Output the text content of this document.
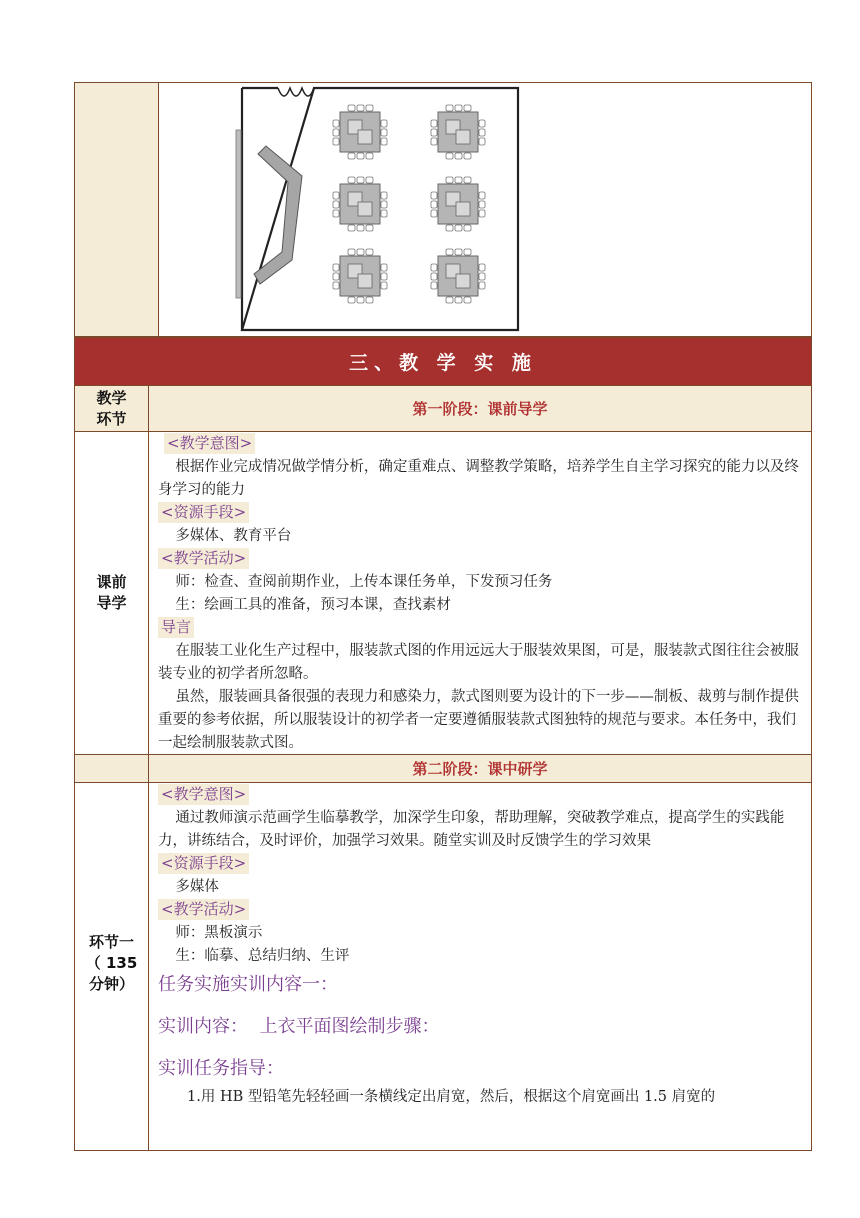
三、教 学 实 施
教学
环节
第一阶段：课前导学
课前
导学
<教学意图>

根据作业完成情况做学情分析，确定重难点、调整教学策略，培养学生自主学习探究的能力以及终身学习的能力

<资源手段>

多媒体、教育平台

<教学活动>

师：检查、查阅前期作业，上传本课任务单，下发预习任务

生：绘画工具的准备，预习本课，查找素材

导言

在服装工业化生产过程中，服装款式图的作用远远大于服装效果图，可是，服装款式图往往会被服装专业的初学者所忽略。

虽然，服装画具备很强的表现力和感染力，款式图则要为设计的下一步——制板、裁剪与制作提供重要的参考依据，所以服装设计的初学者一定要遵循服装款式图独特的规范与要求。本任务中，我们一起绘制服装款式图。

第二阶段：课中研学
环节一
（ 135
分钟）
<教学意图>

通过教师演示范画学生临摹教学，加深学生印象，帮助理解，突破教学难点，提高学生的实践能力，讲练结合，及时评价，加强学习效果。随堂实训及时反馈学生的学习效果

<资源手段>

多媒体

<教学活动>

师：黑板演示

生：临摹、总结归纳、生评

任务实施实训内容一：

实训内容：  上衣平面图绘制步骤：

实训任务指导：

1.用 HB 型铅笔先轻轻画一条横线定出肩宽，然后，根据这个肩宽画出 1.5 肩宽的
